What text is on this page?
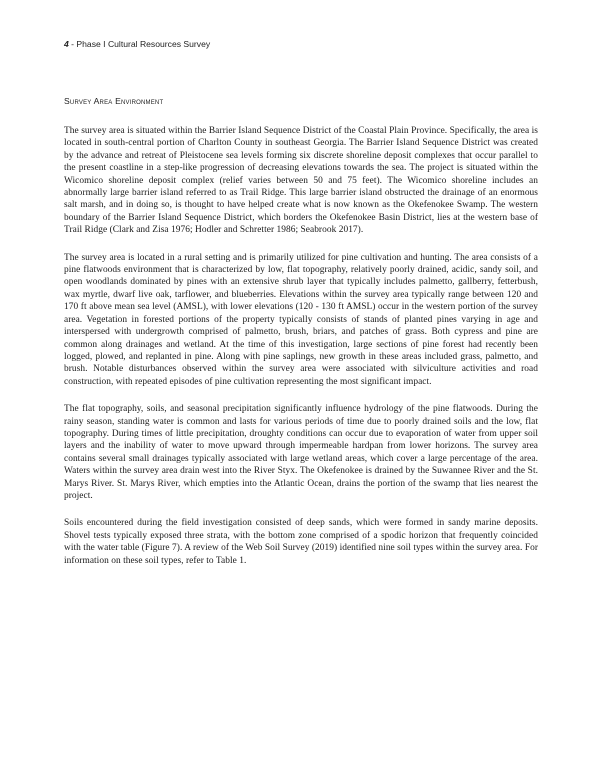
4 - Phase I Cultural Resources Survey
Survey Area Environment

The survey area is situated within the Barrier Island Sequence District of the Coastal Plain Province. Specifically, the area is located in south-central portion of Charlton County in southeast Georgia. The Barrier Island Sequence District was created by the advance and retreat of Pleistocene sea levels forming six discrete shoreline deposit complexes that occur parallel to the present coastline in a step-like progression of decreasing elevations towards the sea. The project is situated within the Wicomico shoreline deposit complex (relief varies between 50 and 75 feet). The Wicomico shoreline includes an abnormally large barrier island referred to as Trail Ridge. This large barrier island obstructed the drainage of an enormous salt marsh, and in doing so, is thought to have helped create what is now known as the Okefenokee Swamp. The western boundary of the Barrier Island Sequence District, which borders the Okefenokee Basin District, lies at the western base of Trail Ridge (Clark and Zisa 1976; Hodler and Schretter 1986; Seabrook 2017).

The survey area is located in a rural setting and is primarily utilized for pine cultivation and hunting. The area consists of a pine flatwoods environment that is characterized by low, flat topography, relatively poorly drained, acidic, sandy soil, and open woodlands dominated by pines with an extensive shrub layer that typically includes palmetto, gallberry, fetterbush, wax myrtle, dwarf live oak, tarflower, and blueberries. Elevations within the survey area typically range between 120 and 170 ft above mean sea level (AMSL), with lower elevations (120 - 130 ft AMSL) occur in the western portion of the survey area. Vegetation in forested portions of the property typically consists of stands of planted pines varying in age and interspersed with undergrowth comprised of palmetto, brush, briars, and patches of grass. Both cypress and pine are common along drainages and wetland. At the time of this investigation, large sections of pine forest had recently been logged, plowed, and replanted in pine. Along with pine saplings, new growth in these areas included grass, palmetto, and brush. Notable disturbances observed within the survey area were associated with silviculture activities and road construction, with repeated episodes of pine cultivation representing the most significant impact.

The flat topography, soils, and seasonal precipitation significantly influence hydrology of the pine flatwoods. During the rainy season, standing water is common and lasts for various periods of time due to poorly drained soils and the low, flat topography. During times of little precipitation, droughty conditions can occur due to evaporation of water from upper soil layers and the inability of water to move upward through impermeable hardpan from lower horizons. The survey area contains several small drainages typically associated with large wetland areas, which cover a large percentage of the area. Waters within the survey area drain west into the River Styx. The Okefenokee is drained by the Suwannee River and the St. Marys River. St. Marys River, which empties into the Atlantic Ocean, drains the portion of the swamp that lies nearest the project.

Soils encountered during the field investigation consisted of deep sands, which were formed in sandy marine deposits. Shovel tests typically exposed three strata, with the bottom zone comprised of a spodic horizon that frequently coincided with the water table (Figure 7). A review of the Web Soil Survey (2019) identified nine soil types within the survey area. For information on these soil types, refer to Table 1.
